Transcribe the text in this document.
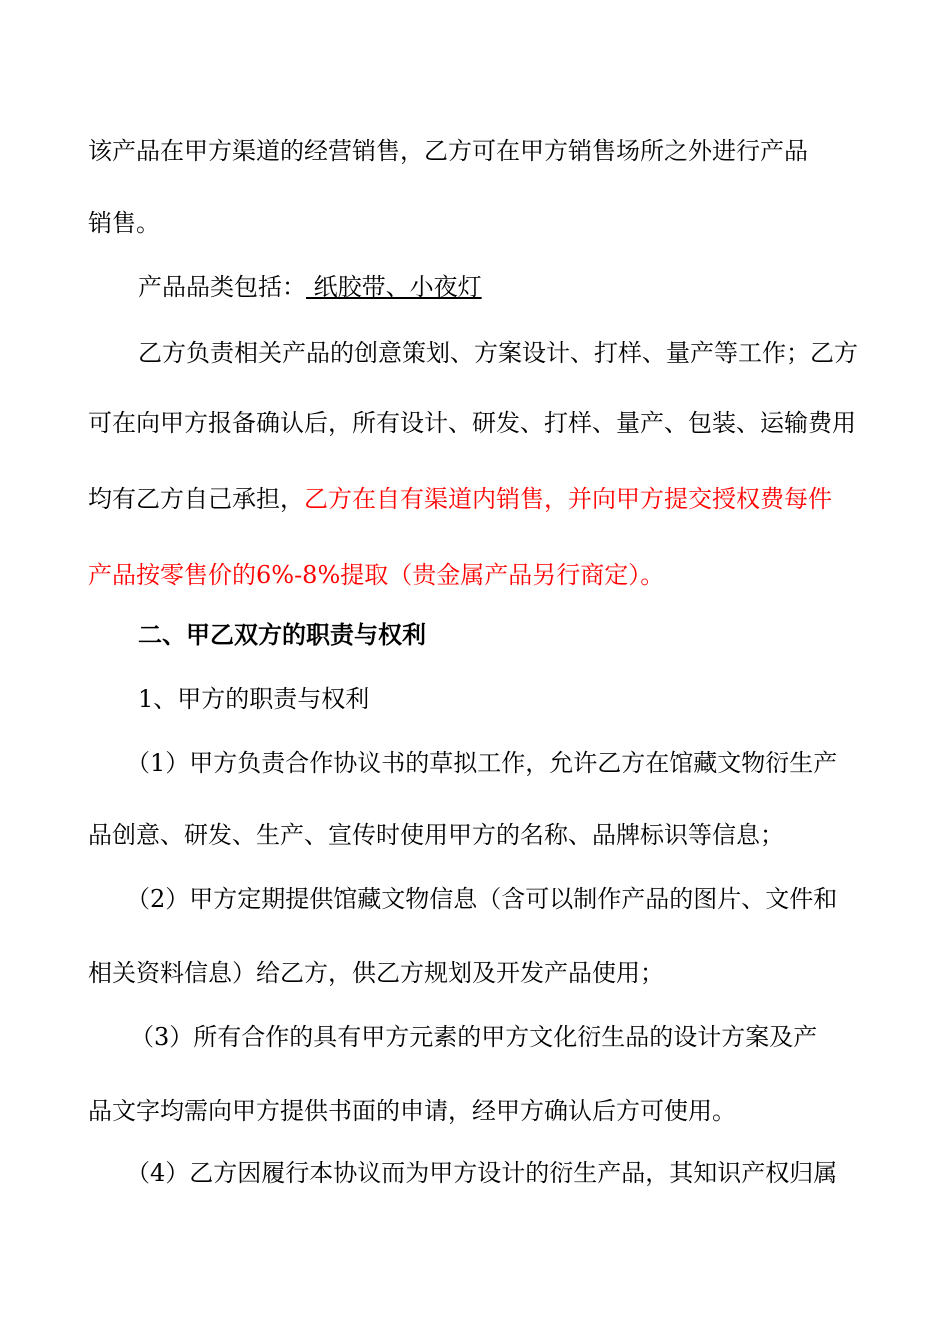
该产品在甲方渠道的经营销售，乙方可在甲方销售场所之外进行产品
销售。
产品品类包括： 纸胶带、小夜灯
乙方负责相关产品的创意策划、方案设计、打样、量产等工作；乙方
可在向甲方报备确认后，所有设计、研发、打样、量产、包装、运输费用
均有乙方自己承担，乙方在自有渠道内销售，并向甲方提交授权费每件
产品按零售价的6%-8%提取（贵金属产品另行商定）。
二、甲乙双方的职责与权利
1、甲方的职责与权利
（1）甲方负责合作协议书的草拟工作，允许乙方在馆藏文物衍生产
品创意、研发、生产、宣传时使用甲方的名称、品牌标识等信息；
（2）甲方定期提供馆藏文物信息（含可以制作产品的图片、文件和
相关资料信息）给乙方，供乙方规划及开发产品使用；
（3）所有合作的具有甲方元素的甲方文化衍生品的设计方案及产
品文字均需向甲方提供书面的申请，经甲方确认后方可使用。
（4）乙方因履行本协议而为甲方设计的衍生产品，其知识产权归属
